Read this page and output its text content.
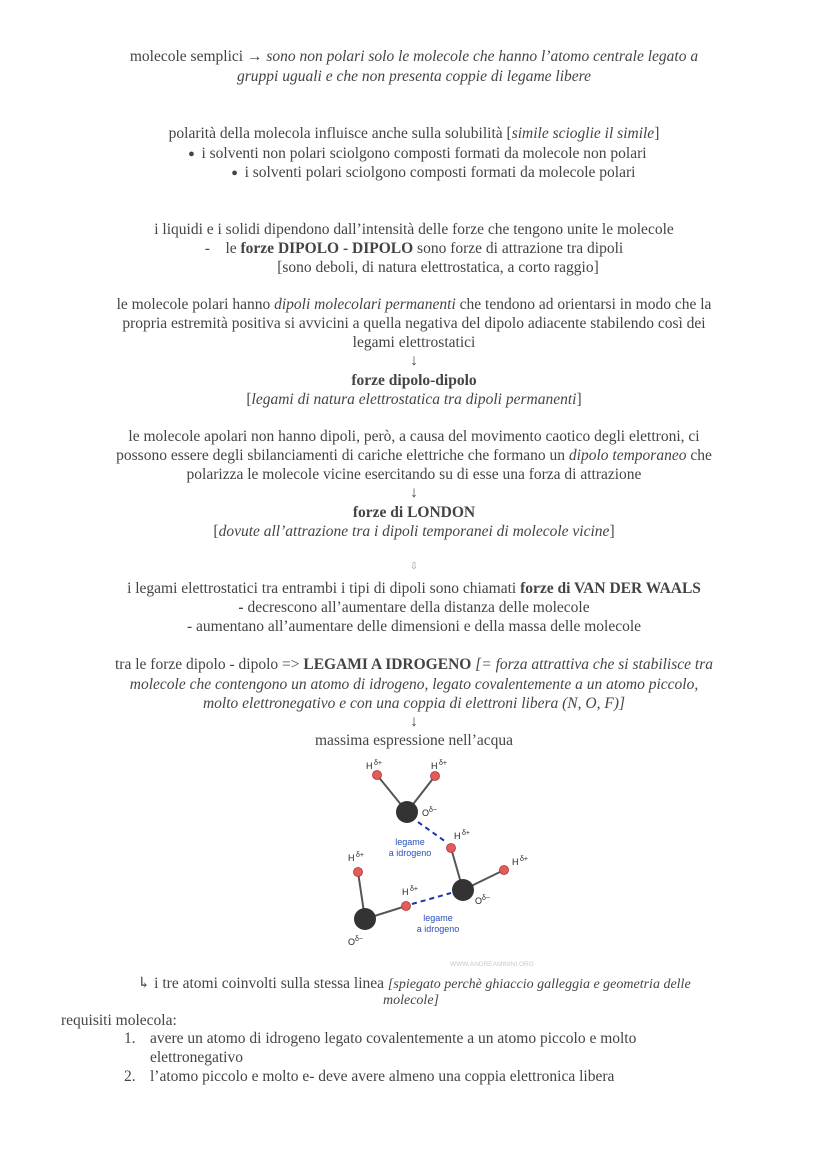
molecole semplici → sono non polari solo le molecole che hanno l’atomo centrale legato a
gruppi uguali e che non presenta coppie di legame libere
polarità della molecola influisce anche sulla solubilità [simile scioglie il simile]
● i solventi non polari sciolgono composti formati da molecole non polari
● i solventi polari sciolgono composti formati da molecole polari
i liquidi e i solidi dipendono dall’intensità delle forze che tengono unite le molecole
- le forze DIPOLO - DIPOLO sono forze di attrazione tra dipoli
[sono deboli, di natura elettrostatica, a corto raggio]
le molecole polari hanno dipoli molecolari permanenti che tendono ad orientarsi in modo che la
propria estremità positiva si avvicini a quella negativa del dipolo adiacente stabilendo così dei
legami elettrostatici
↓
forze dipolo-dipolo
[legami di natura elettrostatica tra dipoli permanenti]
le molecole apolari non hanno dipoli, però, a causa del movimento caotico degli elettroni, ci
possono essere degli sbilanciamenti di cariche elettriche che formano un dipolo temporaneo che
polarizza le molecole vicine esercitando su di esse una forza di attrazione
↓
forze di LONDON
[dovute all’attrazione tra i dipoli temporanei di molecole vicine]
⇩
i legami elettrostatici tra entrambi i tipi di dipoli sono chiamati forze di VAN DER WAALS
- decrescono all’aumentare della distanza delle molecole
- aumentano all’aumentare delle dimensioni e della massa delle molecole
tra le forze dipolo - dipolo => LEGAMI A IDROGENO [= forza attrattiva che si stabilisce tra
molecole che contengono un atomo di idrogeno, legato covalentemente a un atomo piccolo,
molto elettronegativo e con una coppia di elettroni libera (N, O, F)]
↓
massima espressione nell’acqua
H δ+	H δ+
O δ−
H δ+
H δ+
H δ+
H δ+
O δ−
O δ−
legame
a idrogeno
legame
a idrogeno
WWW.ANDREAMININI.ORG
↳ i tre atomi coinvolti sulla stessa linea [spiegato perchè ghiaccio galleggia e geometria delle
molecole]
requisiti molecola:
1. avere un atomo di idrogeno legato covalentemente a un atomo piccolo e molto
elettronegativo
2. l’atomo piccolo e molto e- deve avere almeno una coppia elettronica libera
